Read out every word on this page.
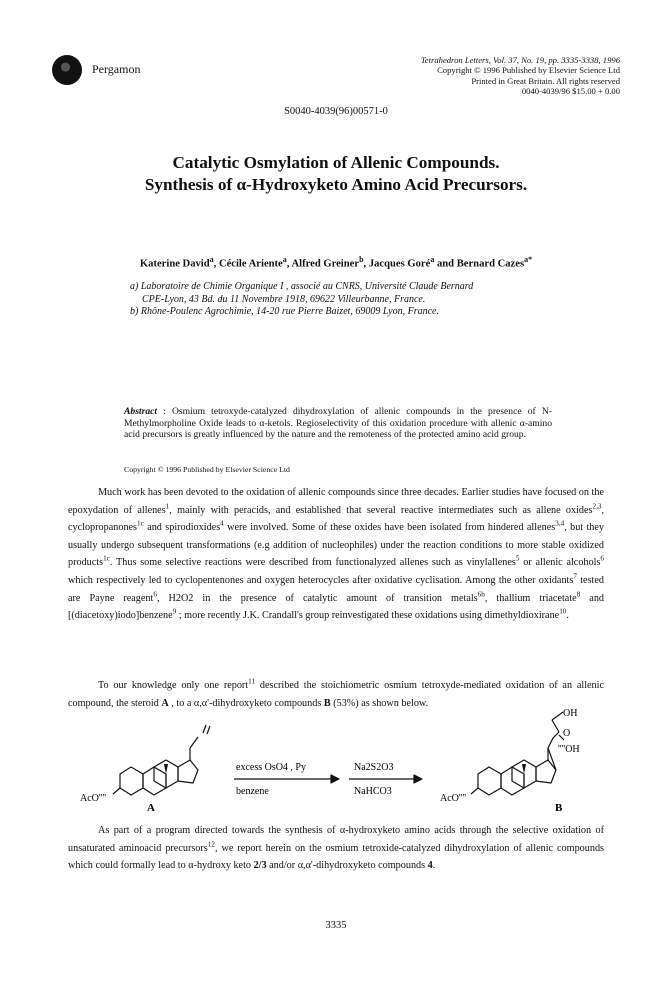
Pergamon
Tetrahedron Letters, Vol. 37, No. 19, pp. 3335-3338, 1996
Copyright © 1996 Published by Elsevier Science Ltd
Printed in Great Britain. All rights reserved
0040-4039/96 $15.00 + 0.00
S0040-4039(96)00571-0
Catalytic Osmylation of Allenic Compounds.
Synthesis of α-Hydroxyketo Amino Acid Precursors.
Katerine David$^a$, Cécile Ariente$^a$, Alfred Greiner$^b$, Jacques Goré$^a$ and Bernard Cazes$^{a*}$
a) Laboratoire de Chimie Organique I , associé au CNRS, Université Claude Bernard
CPE-Lyon, 43 Bd. du 11 Novembre 1918, 69622 Villeurbanne, France.
b) Rhône-Poulenc Agrochimie, 14-20 rue Pierre Baizet, 69009 Lyon, France.
Abstract : Osmium tetroxyde-catalyzed dihydroxylation of allenic compounds in the presence of N-Methylmorpholine Oxide leads to α-ketols. Regioselectivity of this oxidation procedure with allenic α-amino acid precursors is greatly influenced by the nature and the remoteness of the protected amino acid group.
Copyright © 1996 Published by Elsevier Science Ltd

Much work has been devoted to the oxidation of allenic compounds since three decades. Earlier studies have focused on the epoxydation of allenes$^1$, mainly with peracids, and established that several reactive intermediates such as allene oxides$^{2,3}$, cyclopropanones$^{1c}$ and spirodioxides$^4$ were involved. Some of these oxides have been isolated from hindered allenes$^{3,4}$, but they usually undergo subsequent transformations (e.g addition of nucleophiles) under the reaction conditions to more stable oxidized products$^{1c}$. Thus some selective reactions were described from functionalyzed allenes such as vinylallenes$^5$ or allenic alcohols$^6$ which respectively led to cyclopentenones and oxygen heterocycles after oxidative cyclisation. Among the other oxidants$^7$ tested are Payne reagent$^6$, H2O2 in the presence of catalytic amount of transition metals$^{6b}$, thallium triacetate$^8$ and [(diacetoxy)iodo]benzene$^9$ ; more recently J.K. Crandall's group reinvestigated these oxidations using dimethyldioxirane$^{10}$.

To our knowledge only one report$^{11}$ described the stoichiometric osmium tetroxyde-mediated oxidation of an allenic compound, the steroid A , to a α,α'-dihydroxyketo compounds B (53%) as shown below.

excess OsO4 , Py
benzene
Na2S2O3
NaHCO3
AcO''''	AcO''''
A	B
OH
O
''''OH

As part of a program directed towards the synthesis of α-hydroxyketo amino acids through the selective oxidation of unsaturated aminoacid precursors$^{12}$, we report herein on the osmium tetroxide-catalyzed dihydroxylation of allenic compounds which could formally lead to α-hydroxy keto 2/3 and/or α,α'-dihydroxyketo compounds 4.

3335
